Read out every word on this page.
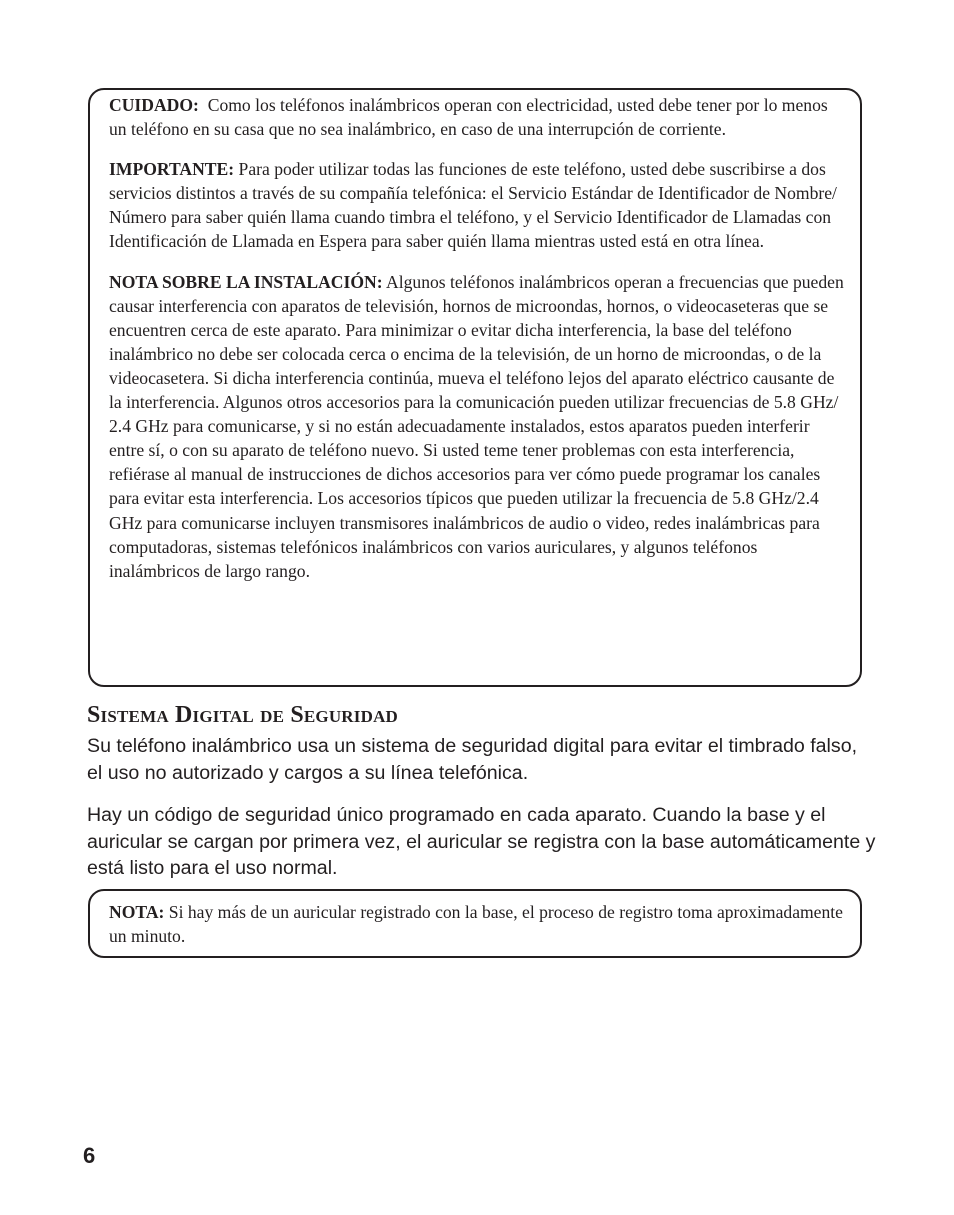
CUIDADO: Como los teléfonos inalámbricos operan con electricidad, usted debe tener por lo menos un teléfono en su casa que no sea inalámbrico, en caso de una interrupción de corriente.

IMPORTANTE: Para poder utilizar todas las funciones de este teléfono, usted debe suscribirse a dos servicios distintos a través de su compañía telefónica: el Servicio Estándar de Identificador de Nombre/ Número para saber quién llama cuando timbra el teléfono, y el Servicio Identificador de Llamadas con Identificación de Llamada en Espera para saber quién llama mientras usted está en otra línea.

NOTA SOBRE LA INSTALACIÓN: Algunos teléfonos inalámbricos operan a frecuencias que pueden causar interferencia con aparatos de televisión, hornos de microondas, hornos, o videocaseteras que se encuentren cerca de este aparato. Para minimizar o evitar dicha interferencia, la base del teléfono inalámbrico no debe ser colocada cerca o encima de la televisión, de un horno de microondas, o de la videocasetera. Si dicha interferencia continúa, mueva el teléfono lejos del aparato eléctrico causante de la interferencia. Algunos otros accesorios para la comunicación pueden utilizar frecuencias de 5.8 GHz/ 2.4 GHz para comunicarse, y si no están adecuadamente instalados, estos aparatos pueden interferir entre sí, o con su aparato de teléfono nuevo. Si usted teme tener problemas con esta interferencia, refiérase al manual de instrucciones de dichos accesorios para ver cómo puede programar los canales para evitar esta interferencia. Los accesorios típicos que pueden utilizar la frecuencia de 5.8 GHz/2.4 GHz para comunicarse incluyen transmisores inalámbricos de audio o video, redes inalámbricas para computadoras, sistemas telefónicos inalámbricos con varios auriculares, y algunos teléfonos inalámbricos de largo rango.

Sistema Digital de Seguridad

Su teléfono inalámbrico usa un sistema de seguridad digital para evitar el timbrado falso, el uso no autorizado y cargos a su línea telefónica.

Hay un código de seguridad único programado en cada aparato. Cuando la base y el auricular se cargan por primera vez, el auricular se registra con la base automáticamente y está listo para el uso normal.

NOTA: Si hay más de un auricular registrado con la base, el proceso de registro toma aproximadamente un minuto.

6
